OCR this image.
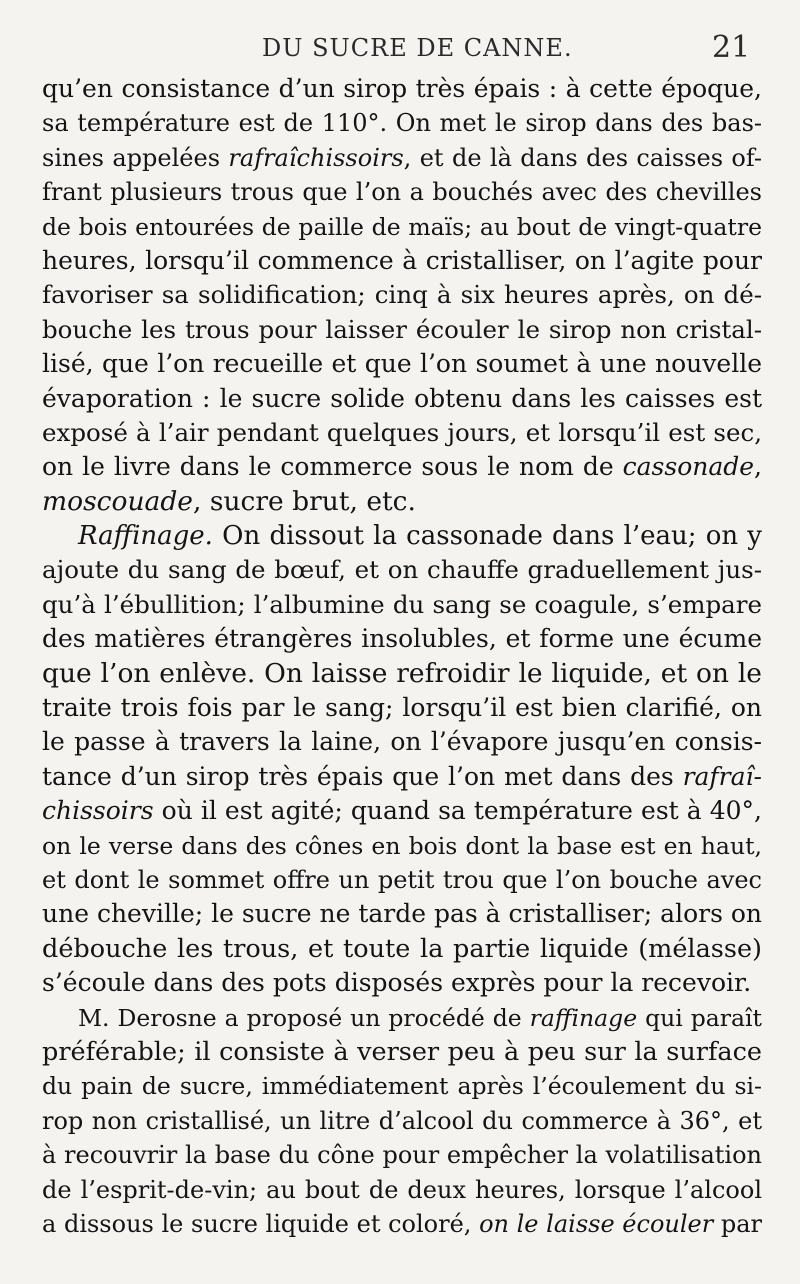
DU SUCRE DE CANNE.	21
qu’en consistance d’un sirop très épais : à cette époque,
sa température est de 110°. On met le sirop dans des bas-
sines appelées rafraîchissoirs, et de là dans des caisses of-
frant plusieurs trous que l’on a bouchés avec des chevilles
de bois entourées de paille de maïs; au bout de vingt-quatre
heures, lorsqu’il commence à cristalliser, on l’agite pour
favoriser sa solidification; cinq à six heures après, on dé-
bouche les trous pour laisser écouler le sirop non cristal-
lisé, que l’on recueille et que l’on soumet à une nouvelle
évaporation : le sucre solide obtenu dans les caisses est
exposé à l’air pendant quelques jours, et lorsqu’il est sec,
on le livre dans le commerce sous le nom de cassonade,
moscouade, sucre brut, etc.
Raffinage. On dissout la cassonade dans l’eau; on y
ajoute du sang de bœuf, et on chauffe graduellement jus-
qu’à l’ébullition; l’albumine du sang se coagule, s’empare
des matières étrangères insolubles, et forme une écume
que l’on enlève. On laisse refroidir le liquide, et on le
traite trois fois par le sang; lorsqu’il est bien clarifié, on
le passe à travers la laine, on l’évapore jusqu’en consis-
tance d’un sirop très épais que l’on met dans des rafraî-
chissoirs où il est agité; quand sa température est à 40°,
on le verse dans des cônes en bois dont la base est en haut,
et dont le sommet offre un petit trou que l’on bouche avec
une cheville; le sucre ne tarde pas à cristalliser; alors on
débouche les trous, et toute la partie liquide (mélasse)
s’écoule dans des pots disposés exprès pour la recevoir.
M. Derosne a proposé un procédé de raffinage qui paraît
préférable; il consiste à verser peu à peu sur la surface
du pain de sucre, immédiatement après l’écoulement du si-
rop non cristallisé, un litre d’alcool du commerce à 36°, et
à recouvrir la base du cône pour empêcher la volatilisation
de l’esprit-de-vin; au bout de deux heures, lorsque l’alcool
a dissous le sucre liquide et coloré, on le laisse écouler par
